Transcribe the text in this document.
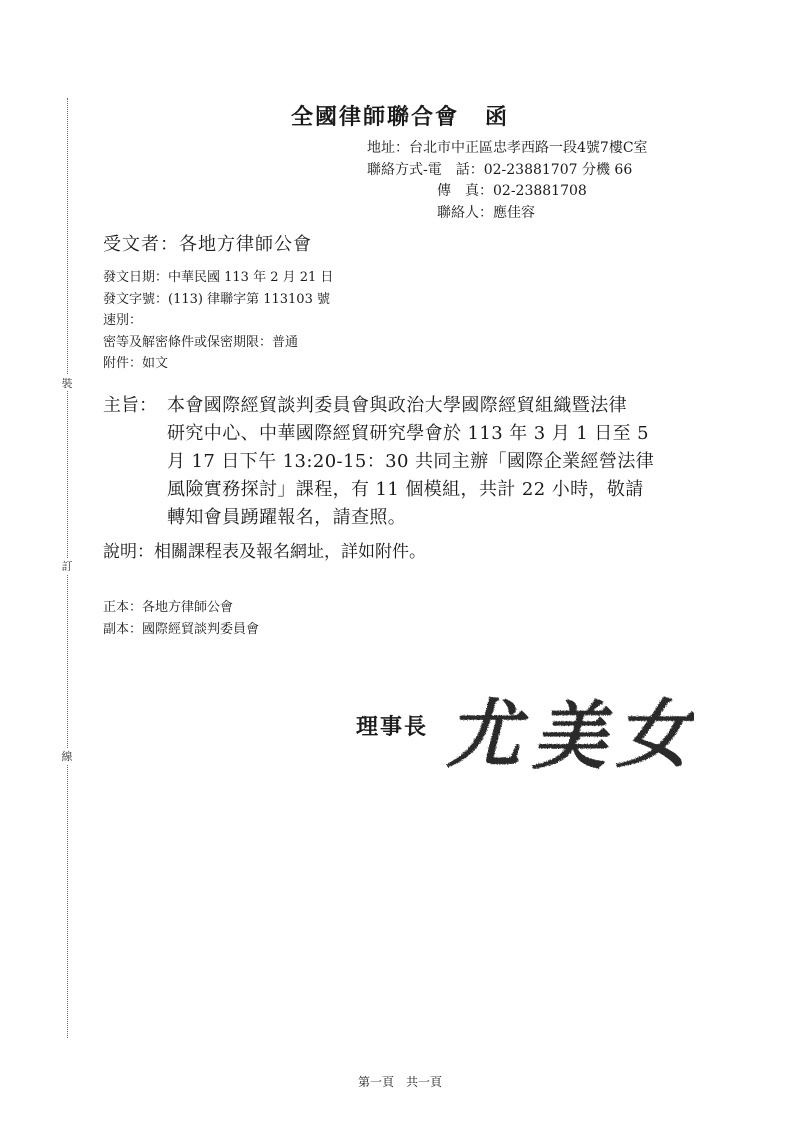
裝
訂
線
全國律師聯合會 函
地址：台北市中正區忠孝西路一段4號7樓C室
聯絡方式-電　話：02-23881707 分機 66
傳　真：02-23881708
聯絡人：應佳容
受文者：各地方律師公會
發文日期：中華民國 113 年 2 月 21 日
發文字號：(113) 律聯字第 113103 號
速別：
密等及解密條件或保密期限：普通
附件：如文
主旨： 本會國際經貿談判委員會與政治大學國際經貿組織暨法律
研究中心、中華國際經貿研究學會於 113 年 3 月 1 日至 5
月 17 日下午 13:20-15：30 共同主辦「國際企業經營法律
風險實務探討」課程，有 11 個模組，共計 22 小時，敬請
轉知會員踴躍報名，請查照。
說明：相關課程表及報名網址，詳如附件。
正本：各地方律師公會
副本：國際經貿談判委員會
理事長 尤 美 女
第一頁　共一頁
